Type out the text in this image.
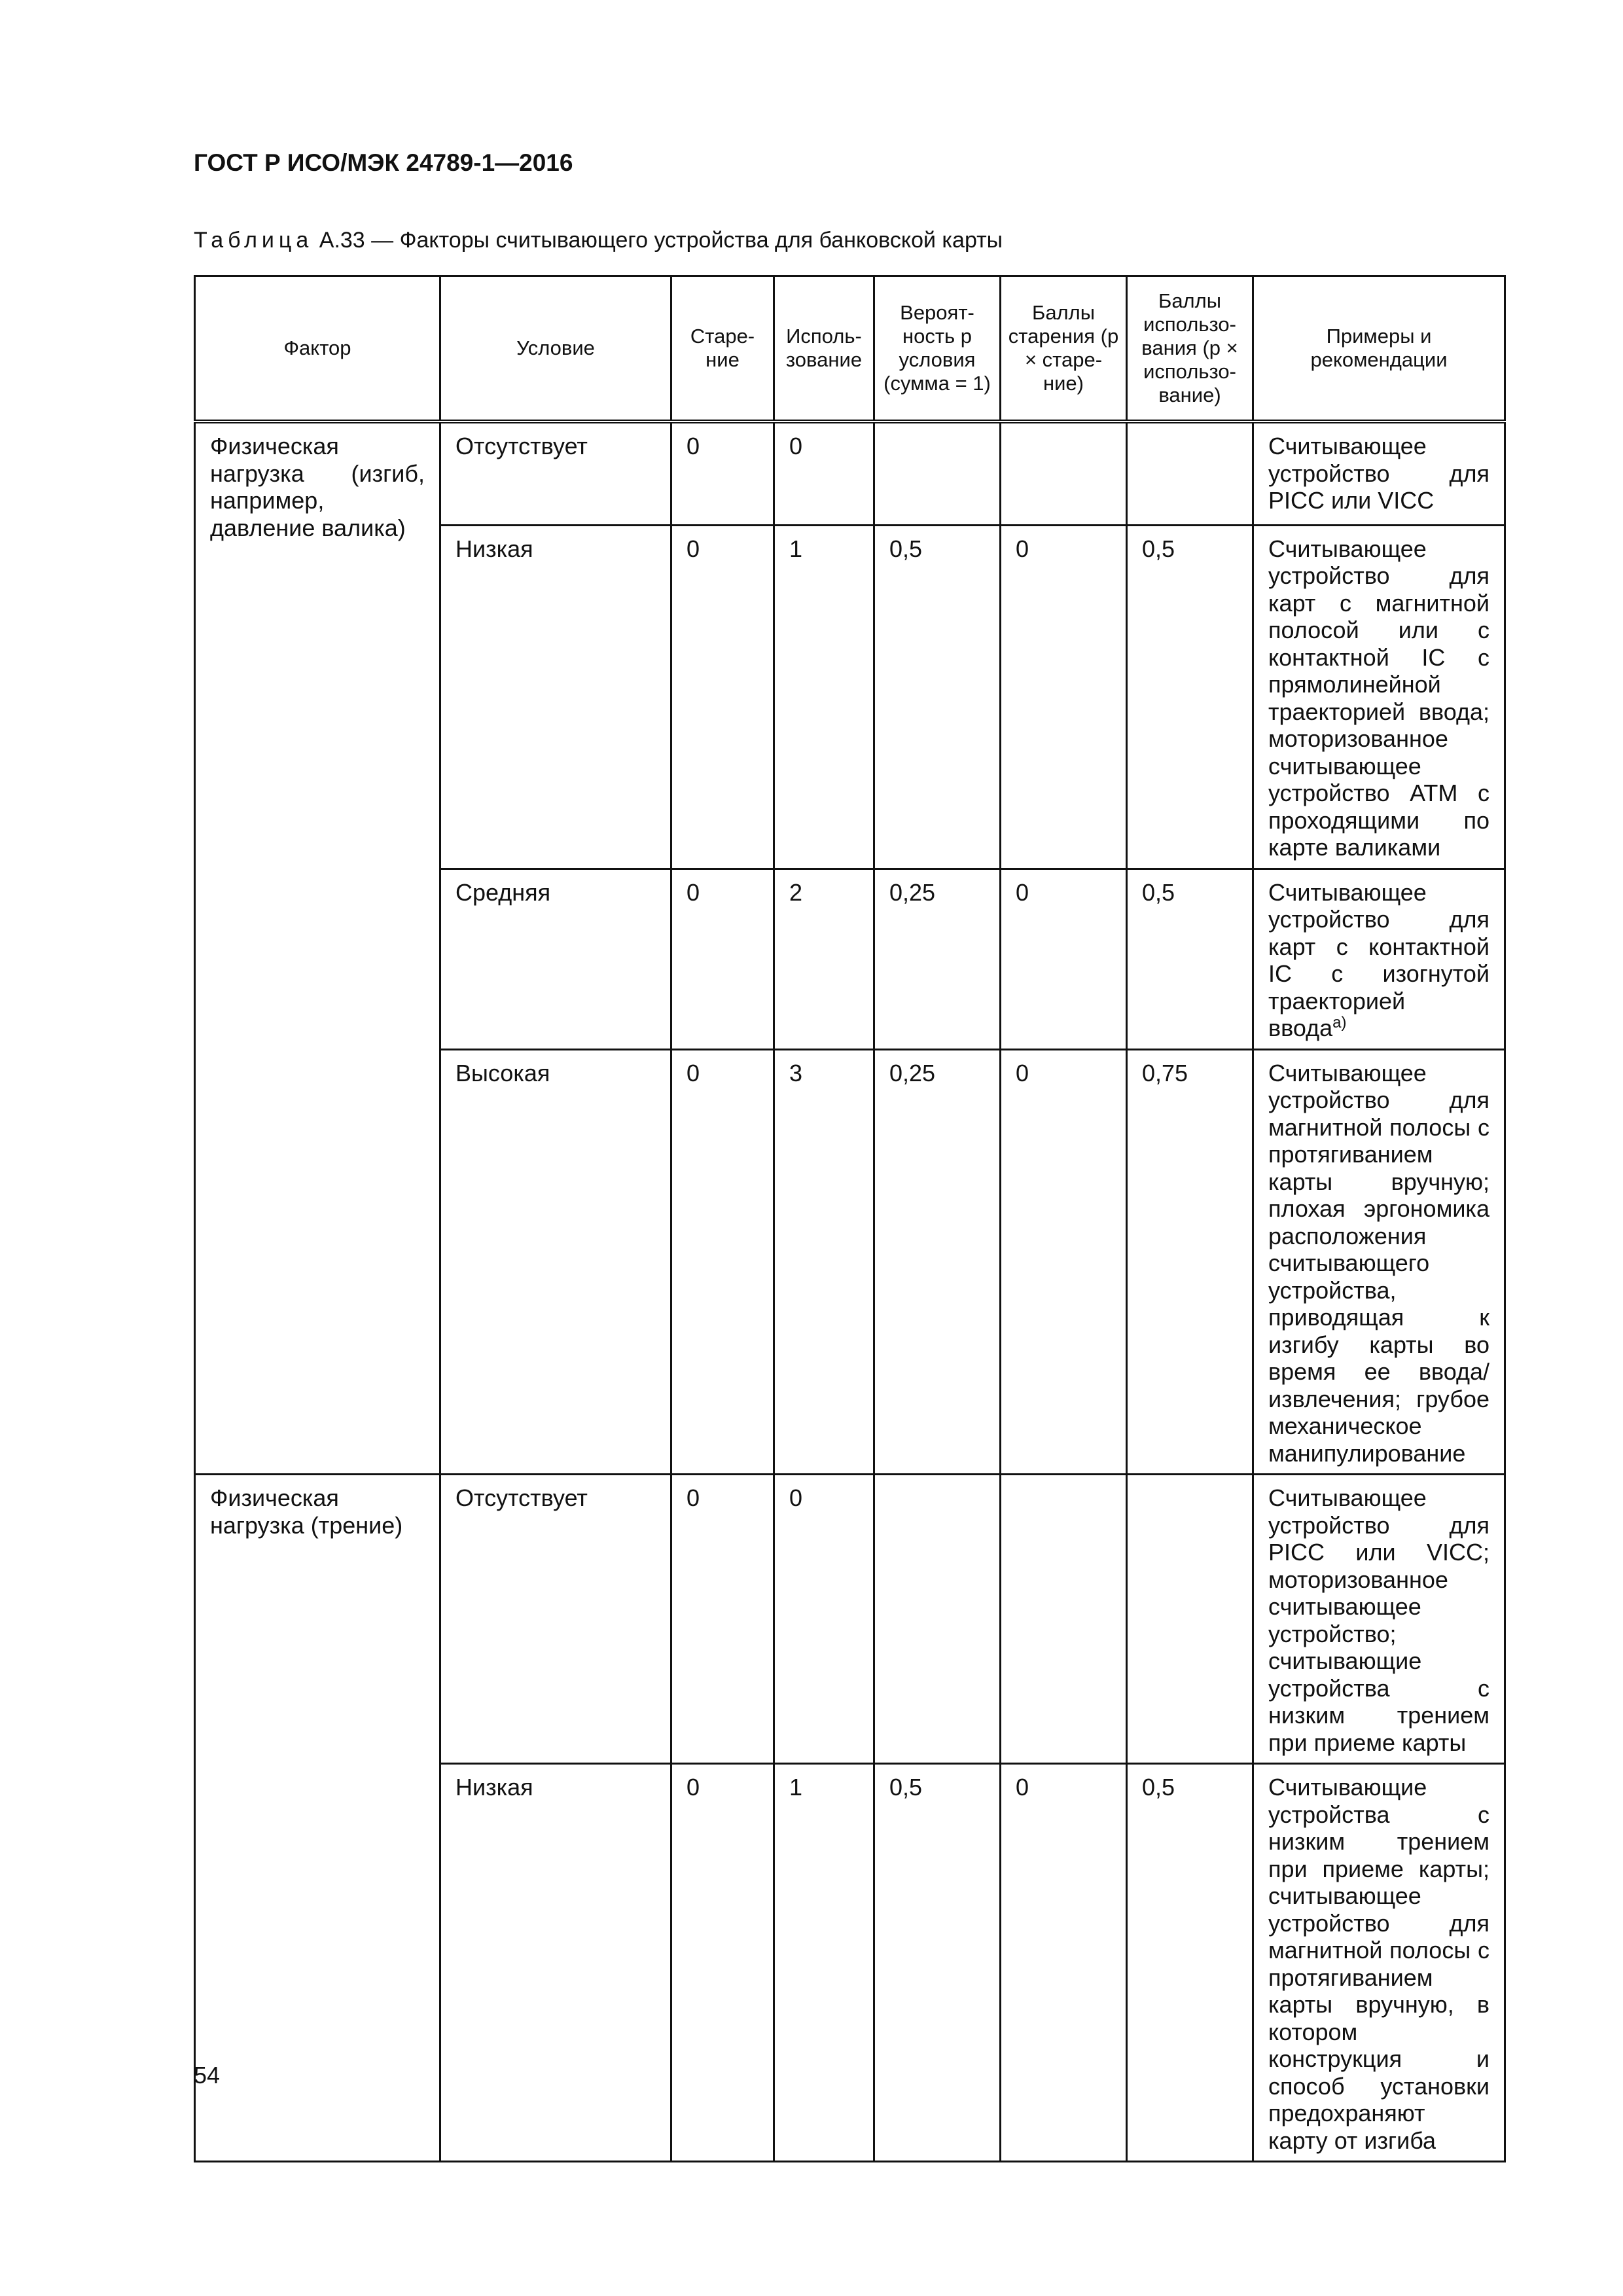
ГОСТ Р ИСО/МЭК 24789-1—2016
Таблица А.33 — Факторы считывающего устройства для банковской карты
Фактор	Условие	Старе-ние	Исполь-зование	Вероят-ность p условия (сумма = 1)	Баллы старения (p × старе-ние)	Баллы использо-вания (p × использо-вание)	Примеры и рекомендации
Физическая нагрузка (изгиб, например, давление валика)	Отсутствует	0	0				Считывающее устройство для PICC или VICC
	Низкая	0	1	0,5	0	0,5	Считывающее устройство для карт с магнитной полосой или с контактной IC с прямолинейной траекторией ввода; моторизованное считывающее устройство АТМ с проходящими по карте валиками
	Средняя	0	2	0,25	0	0,5	Считывающее устройство для карт с контактной IC с изогнутой траекторией ввода$^{а)}$
	Высокая	0	3	0,25	0	0,75	Считывающее устройство для магнитной полосы с протягиванием карты вручную; плохая эргономика расположения считывающего устройства, приводящая к изгибу карты во время ее ввода/извлечения; грубое механическое манипулирование
Физическая нагрузка (трение)	Отсутствует	0	0				Считывающее устройство для PICC или VICC; моторизованное считывающее устройство; считывающие устройства с низким трением при приеме карты
	Низкая	0	1	0,5	0	0,5	Считывающие устройства с низким трением при приеме карты; считывающее устройство для магнитной полосы с протягиванием карты вручную, в котором конструкция и способ установки предохраняют карту от изгиба
54
